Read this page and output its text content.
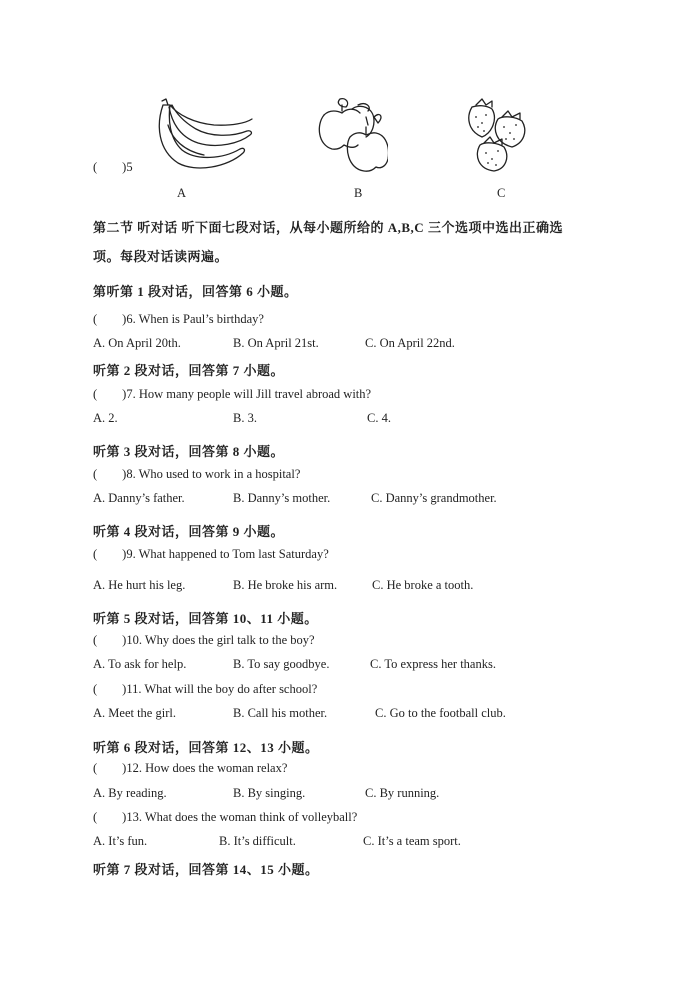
(  )5
A	B	C
第二节 听对话 听下面七段对话，从每小题所给的 A,B,C 三个选项中选出正确选
项。每段对话读两遍。
第听第 1 段对话，回答第 6 小题。
(  )6. When is Paul’s birthday?
A. On April 20th.	B. On April 21st.	C. On April 22nd.
听第 2 段对话，回答第 7 小题。
(  )7. How many people will Jill travel abroad with?
A. 2.	B. 3.	C. 4.
听第 3 段对话，回答第 8 小题。
(  )8. Who used to work in a hospital?
A. Danny’s father.	B. Danny’s mother.	C. Danny’s grandmother.
听第 4 段对话，回答第 9 小题。
(  )9. What happened to Tom last Saturday?
A. He hurt his leg.	B. He broke his arm.	C. He broke a tooth.
听第 5 段对话，回答第 10、11 小题。
(  )10. Why does the girl talk to the boy?
A. To ask for help.	B. To say goodbye.	C. To express her thanks.
(  )11. What will the boy do after school?
A. Meet the girl.	B. Call his mother.	C. Go to the football club.
听第 6 段对话，回答第 12、13 小题。
(  )12. How does the woman relax?
A. By reading.	B. By singing.	C. By running.
(  )13. What does the woman think of volleyball?
A. It’s fun.	B. It’s difficult.	C. It’s a team sport.
听第 7 段对话，回答第 14、15 小题。
